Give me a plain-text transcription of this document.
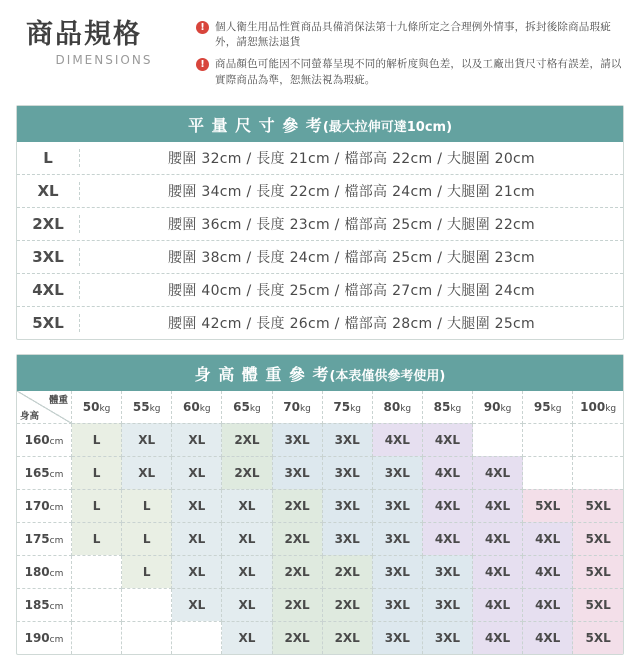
商品規格
DIMENSIONS
! 個人衛生用品性質商品具備消保法第十九條所定之合理例外情事，拆封後除商品瑕疵外，請恕無法退貨
! 商品顏色可能因不同螢幕呈現不同的解析度與色差，以及工廠出貨尺寸格有誤差，請以實際商品為準，恕無法視為瑕疵。
平 量 尺 寸 參 考(最大拉伸可達10cm)
L	腰圍 32cm / 長度 21cm / 檔部高 22cm / 大腿圍 20cm
XL	腰圍 34cm / 長度 22cm / 檔部高 24cm / 大腿圍 21cm
2XL	腰圍 36cm / 長度 23cm / 檔部高 25cm / 大腿圍 22cm
3XL	腰圍 38cm / 長度 24cm / 檔部高 25cm / 大腿圍 23cm
4XL	腰圍 40cm / 長度 25cm / 檔部高 27cm / 大腿圍 24cm
5XL	腰圍 42cm / 長度 26cm / 檔部高 28cm / 大腿圍 25cm
身 高 體 重 參 考(本表僅供參考使用)
體重
身高	50kg	55kg	60kg	65kg	70kg	75kg	80kg	85kg	90kg	95kg	100kg
160cm	L	XL	XL	2XL	3XL	3XL	4XL	4XL			
165cm	L	XL	XL	2XL	3XL	3XL	3XL	4XL	4XL		
170cm	L	L	XL	XL	2XL	3XL	3XL	4XL	4XL	5XL	5XL
175cm	L	L	XL	XL	2XL	3XL	3XL	4XL	4XL	4XL	5XL
180cm		L	XL	XL	2XL	2XL	3XL	3XL	4XL	4XL	5XL
185cm			XL	XL	2XL	2XL	3XL	3XL	4XL	4XL	5XL
190cm				XL	2XL	2XL	3XL	3XL	4XL	4XL	5XL
